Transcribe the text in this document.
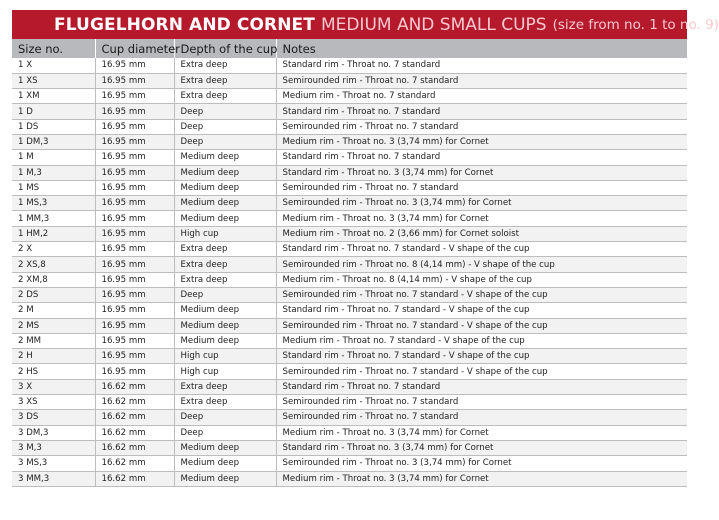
FLUGELHORN AND CORNET MEDIUM AND SMALL CUPS (size from no. 1 to no. 9)
Size no.	Cup diameter	Depth of the cup	Notes
1 X	16.95 mm	Extra deep	Standard rim - Throat no. 7 standard
1 XS	16.95 mm	Extra deep	Semirounded rim - Throat no. 7 standard
1 XM	16.95 mm	Extra deep	Medium rim - Throat no. 7 standard
1 D	16.95 mm	Deep	Standard rim - Throat no. 7 standard
1 DS	16.95 mm	Deep	Semirounded rim - Throat no. 7 standard
1 DM,3	16.95 mm	Deep	Medium rim - Throat no. 3 (3,74 mm) for Cornet
1 M	16.95 mm	Medium deep	Standard rim - Throat no. 7 standard
1 M,3	16.95 mm	Medium deep	Standard rim - Throat no. 3 (3,74 mm) for Cornet
1 MS	16.95 mm	Medium deep	Semirounded rim - Throat no. 7 standard
1 MS,3	16.95 mm	Medium deep	Semirounded rim - Throat no. 3 (3,74 mm) for Cornet
1 MM,3	16.95 mm	Medium deep	Medium rim - Throat no. 3 (3,74 mm) for Cornet
1 HM,2	16.95 mm	High cup	Medium rim - Throat no. 2 (3,66 mm) for Cornet soloist
2 X	16.95 mm	Extra deep	Standard rim - Throat no. 7 standard - V shape of the cup
2 XS,8	16.95 mm	Extra deep	Semirounded rim - Throat no. 8 (4,14 mm) - V shape of the cup
2 XM,8	16.95 mm	Extra deep	Medium rim - Throat no. 8 (4,14 mm) - V shape of the cup
2 DS	16.95 mm	Deep	Semirounded rim - Throat no. 7 standard - V shape of the cup
2 M	16.95 mm	Medium deep	Standard rim - Throat no. 7 standard - V shape of the cup
2 MS	16.95 mm	Medium deep	Semirounded rim - Throat no. 7 standard - V shape of the cup
2 MM	16.95 mm	Medium deep	Medium rim - Throat no. 7 standard - V shape of the cup
2 H	16.95 mm	High cup	Standard rim - Throat no. 7 standard - V shape of the cup
2 HS	16.95 mm	High cup	Semirounded rim - Throat no. 7 standard - V shape of the cup
3 X	16.62 mm	Extra deep	Standard rim - Throat no. 7 standard
3 XS	16.62 mm	Extra deep	Semirounded rim - Throat no. 7 standard
3 DS	16.62 mm	Deep	Semirounded rim - Throat no. 7 standard
3 DM,3	16.62 mm	Deep	Medium rim - Throat no. 3 (3,74 mm) for Cornet
3 M,3	16.62 mm	Medium deep	Standard rim - Throat no. 3 (3,74 mm) for Cornet
3 MS,3	16.62 mm	Medium deep	Semirounded rim - Throat no. 3 (3,74 mm) for Cornet
3 MM,3	16.62 mm	Medium deep	Medium rim - Throat no. 3 (3,74 mm) for Cornet
